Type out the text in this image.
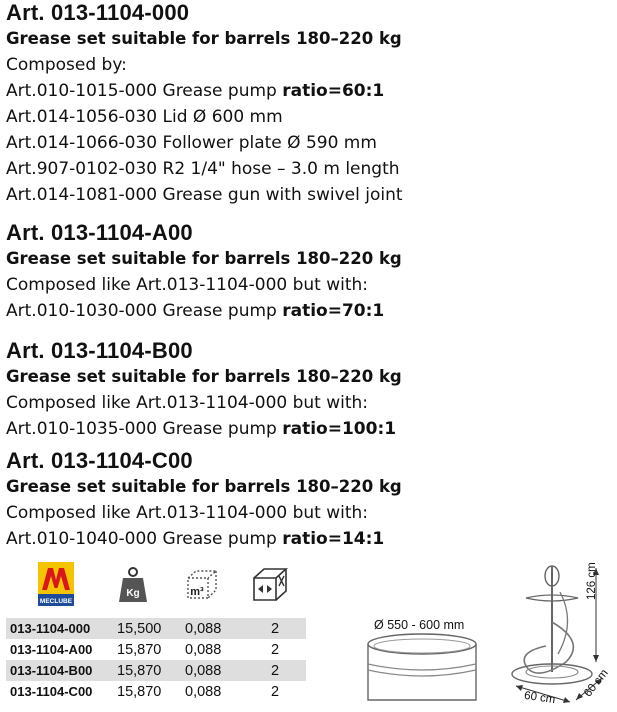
Art. 013-1104-000
Grease set suitable for barrels 180–220 kg
Composed by:
Art.010-1015-000 Grease pump ratio=60:1
Art.014-1056-030 Lid Ø 600 mm
Art.014-1066-030 Follower plate Ø 590 mm
Art.907-0102-030 R2 1/4" hose – 3.0 m length
Art.014-1081-000 Grease gun with swivel joint
Art. 013-1104-A00
Grease set suitable for barrels 180–220 kg
Composed like Art.013-1104-000 but with:
Art.010-1030-000 Grease pump ratio=70:1
Art. 013-1104-B00
Grease set suitable for barrels 180–220 kg
Composed like Art.013-1104-000 but with:
Art.010-1035-000 Grease pump ratio=100:1
Art. 013-1104-C00
Grease set suitable for barrels 180–220 kg
Composed like Art.013-1104-000 but with:
Art.010-1040-000 Grease pump ratio=14:1
MECLUBE
Kg	m³
013-1104-000	15,500	0,088	2
013-1104-A00	15,870	0,088	2
013-1104-B00	15,870	0,088	2
013-1104-C00	15,870	0,088	2
Ø 550 - 600 mm
126 cm
60 cm 60 cm
